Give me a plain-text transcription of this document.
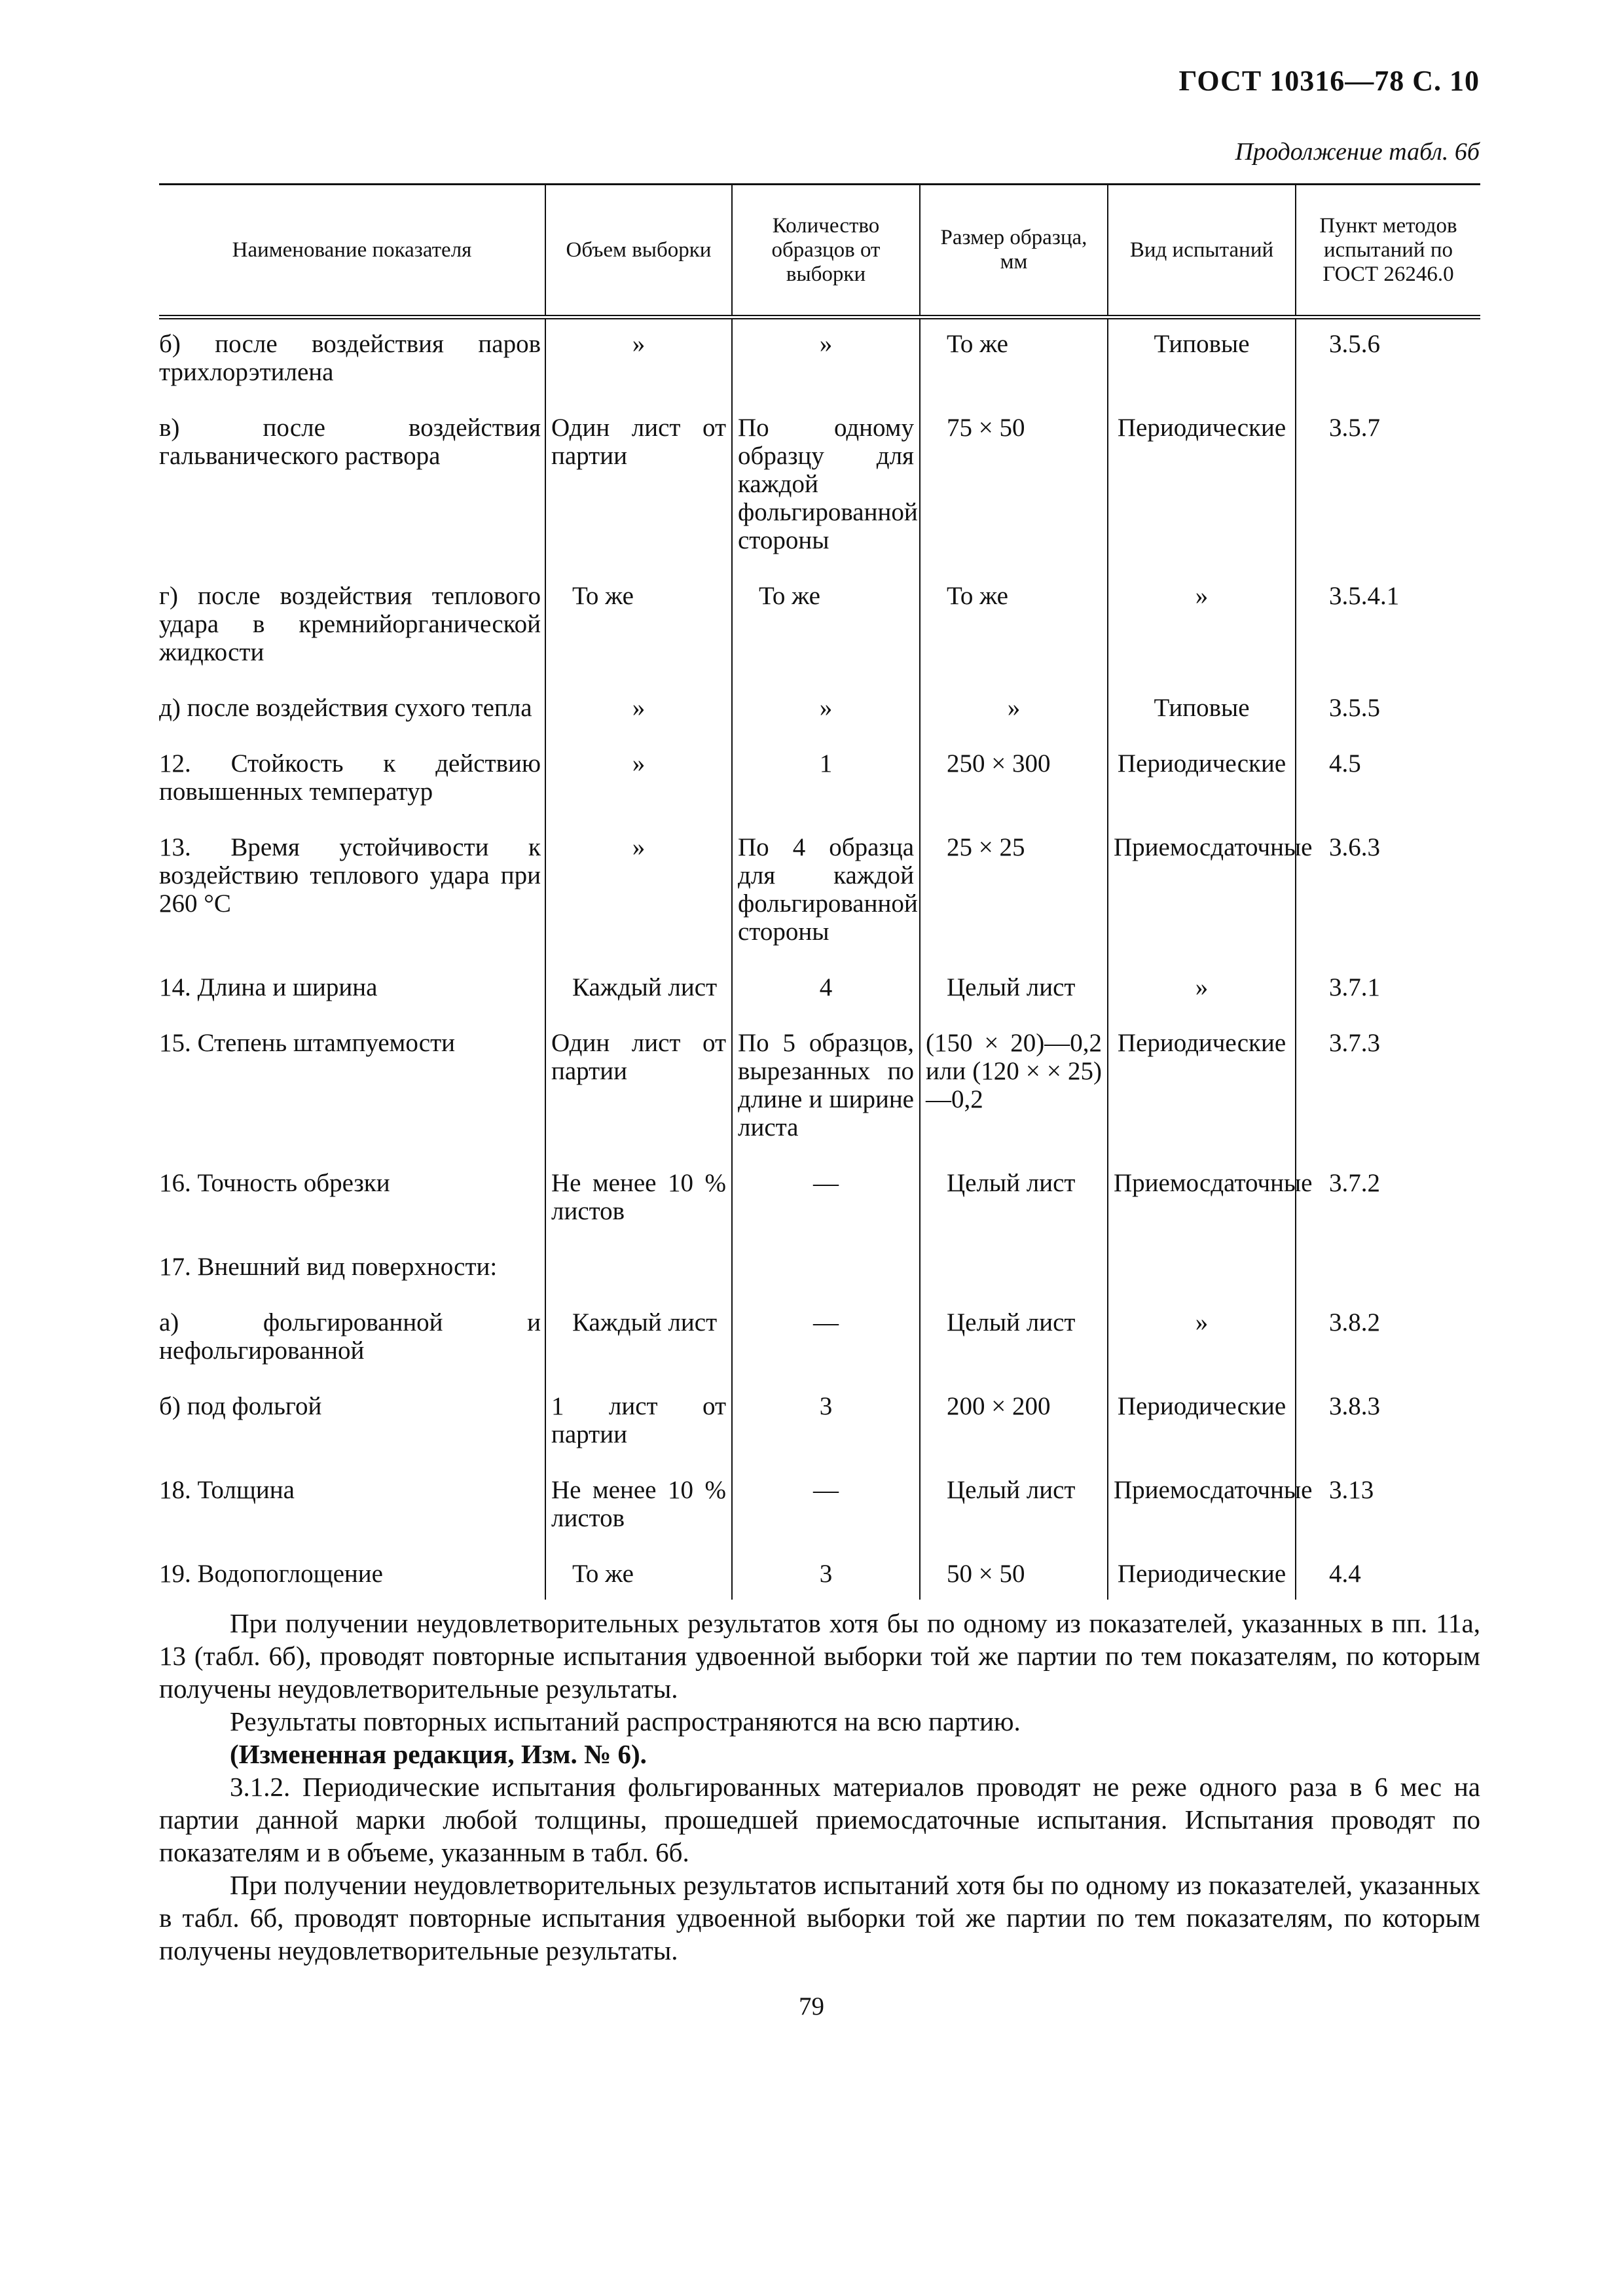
ГОСТ 10316—78 С. 10
Продолжение табл. 6б
Наименование показателя	Объем выборки	Количество образцов от выборки	Размер образца, мм	Вид испытаний	Пункт методов испытаний по ГОСТ 26246.0
б) после воздействия паров трихлорэтилена	»	»	То же	Типовые	3.5.6
в) после воздействия гальванического раствора	Один лист от партии	По одному образцу для каждой фольгированной стороны	75 × 50	Периодические	3.5.7
г) после воздействия теплового удара в кремнийорганической жидкости	То же	То же	То же	»	3.5.4.1
д) после воздействия сухого тепла	»	»	»	Типовые	3.5.5
12. Стойкость к действию повышенных температур	»	1	250 × 300	Периодические	4.5
13. Время устойчивости к воздействию теплового удара при 260 °С	»	По 4 образца для каждой фольгированной стороны	25 × 25	Приемосдаточные	3.6.3
14. Длина и ширина	Каждый лист	4	Целый лист	»	3.7.1
15. Степень штампуемости	Один лист от партии	По 5 образцов, вырезанных по длине и ширине листа	(150 × 20)—0,2 или (120 × × 25)—0,2	Периодические	3.7.3
16. Точность обрезки	Не менее 10 % листов	—	Целый лист	Приемосдаточные	3.7.2
17. Внешний вид поверхности:					
а) фольгированной и нефольгированной	Каждый лист	—	Целый лист	»	3.8.2
б) под фольгой	1 лист от партии	3	200 × 200	Периодические	3.8.3
18. Толщина	Не менее 10 % листов	—	Целый лист	Приемосдаточные	3.13
19. Водопоглощение	То же	3	50 × 50	Периодические	4.4

При получении неудовлетворительных результатов хотя бы по одному из показателей, указанных в пп. 11а, 13 (табл. 6б), проводят повторные испытания удвоенной выборки той же партии по тем показателям, по которым получены неудовлетворительные результаты.

Результаты повторных испытаний распространяются на всю партию.

(Измененная редакция, Изм. № 6).

3.1.2. Периодические испытания фольгированных материалов проводят не реже одного раза в 6 мес на партии данной марки любой толщины, прошедшей приемосдаточные испытания. Испытания проводят по показателям и в объеме, указанным в табл. 6б.

При получении неудовлетворительных результатов испытаний хотя бы по одному из показателей, указанных в табл. 6б, проводят повторные испытания удвоенной выборки той же партии по тем показателям, по которым получены неудовлетворительные результаты.

79
